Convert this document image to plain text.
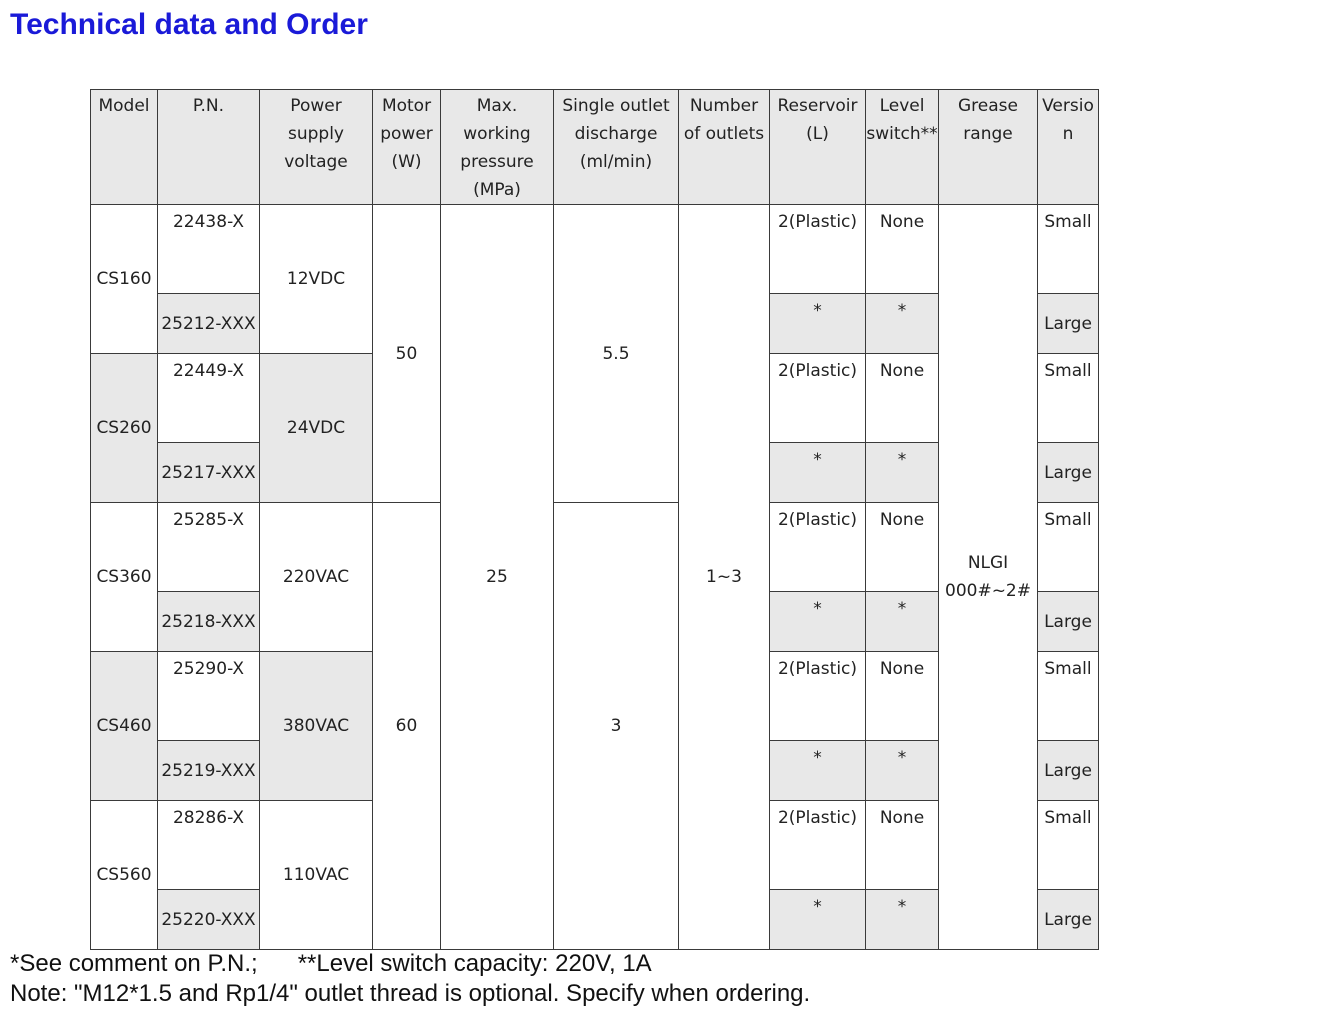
Technical data and Order
Model	P.N.	Power supply voltage	Motor power (W)	Max. working pressure (MPa)	Single outlet discharge (ml/min)	Number of outlets	Reservoir (L)	Level switch**	Grease range	Versio n
CS160	22438-X	12VDC	50	25	5.5	1~3	2(Plastic)	None	NLGI 000#~2#	Small
	25212-XXX						*	*		Large
CS260	22449-X	24VDC					2(Plastic)	None		Small
	25217-XXX						*	*		Large
CS360	25285-X	220VAC	60		3		2(Plastic)	None		Small
	25218-XXX						*	*		Large
CS460	25290-X	380VAC					2(Plastic)	None		Small
	25219-XXX						*	*		Large
CS560	28286-X	110VAC					2(Plastic)	None		Small
	25220-XXX						*	*		Large

*See comment on P.N.; **Level switch capacity: 220V, 1A

Note: "M12*1.5 and Rp1/4" outlet thread is optional. Specify when ordering.
